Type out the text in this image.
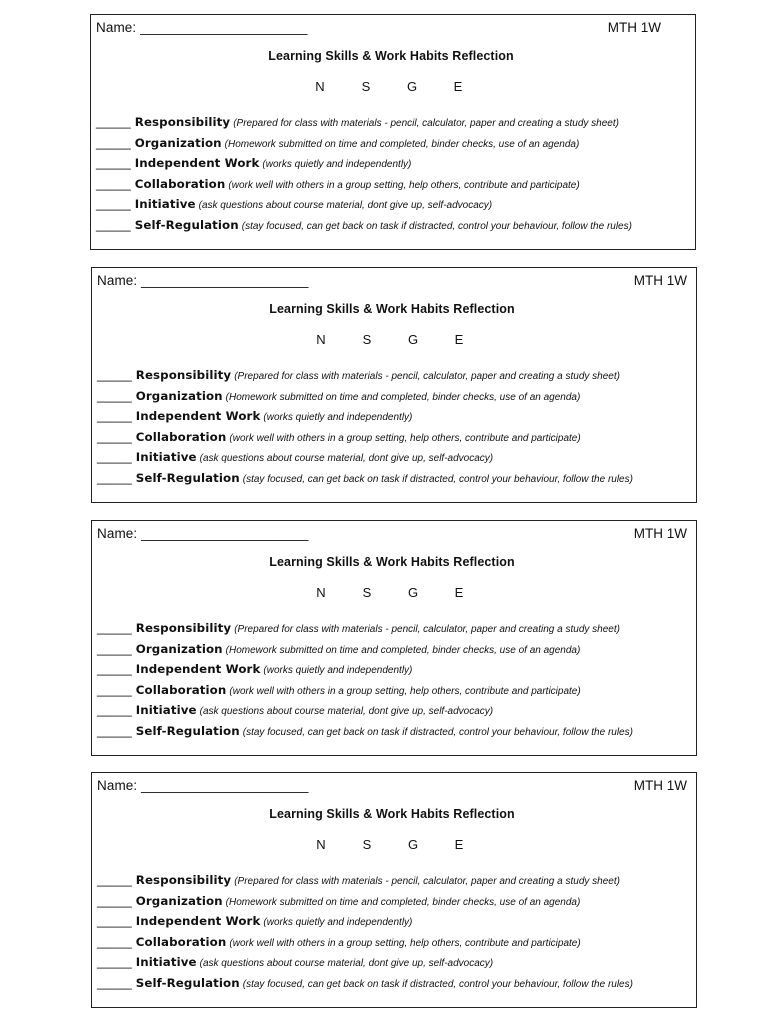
Name: ______________________	MTH 1W
Learning Skills & Work Habits Reflection
N	S	G	E
_____ Responsibility (Prepared for class with materials - pencil, calculator, paper and creating a study sheet)
_____ Organization (Homework submitted on time and completed, binder checks, use of an agenda)
_____ Independent Work (works quietly and independently)
_____ Collaboration (work well with others in a group setting, help others, contribute and participate)
_____ Initiative (ask questions about course material, dont give up, self-advocacy)
_____ Self-Regulation (stay focused, can get back on task if distracted, control your behaviour, follow the rules)
Name: ______________________	MTH 1W
Learning Skills & Work Habits Reflection
N	S	G	E
_____ Responsibility (Prepared for class with materials - pencil, calculator, paper and creating a study sheet)
_____ Organization (Homework submitted on time and completed, binder checks, use of an agenda)
_____ Independent Work (works quietly and independently)
_____ Collaboration (work well with others in a group setting, help others, contribute and participate)
_____ Initiative (ask questions about course material, dont give up, self-advocacy)
_____ Self-Regulation (stay focused, can get back on task if distracted, control your behaviour, follow the rules)
Name: ______________________	MTH 1W
Learning Skills & Work Habits Reflection
N	S	G	E
_____ Responsibility (Prepared for class with materials - pencil, calculator, paper and creating a study sheet)
_____ Organization (Homework submitted on time and completed, binder checks, use of an agenda)
_____ Independent Work (works quietly and independently)
_____ Collaboration (work well with others in a group setting, help others, contribute and participate)
_____ Initiative (ask questions about course material, dont give up, self-advocacy)
_____ Self-Regulation (stay focused, can get back on task if distracted, control your behaviour, follow the rules)
Name: ______________________	MTH 1W
Learning Skills & Work Habits Reflection
N	S	G	E
_____ Responsibility (Prepared for class with materials - pencil, calculator, paper and creating a study sheet)
_____ Organization (Homework submitted on time and completed, binder checks, use of an agenda)
_____ Independent Work (works quietly and independently)
_____ Collaboration (work well with others in a group setting, help others, contribute and participate)
_____ Initiative (ask questions about course material, dont give up, self-advocacy)
_____ Self-Regulation (stay focused, can get back on task if distracted, control your behaviour, follow the rules)
